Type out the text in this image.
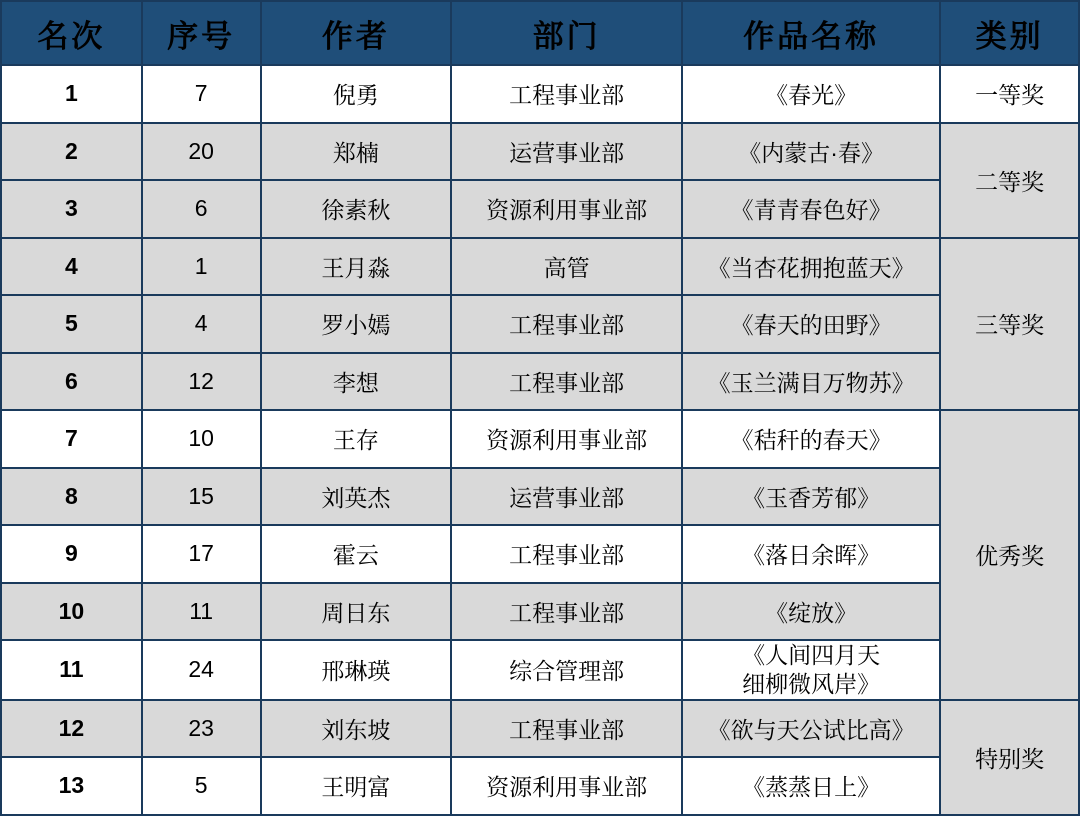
名次	序号	作者	部门	作品名称	类别
1	7	倪勇	工程事业部	《春光》	一等奖
2	20	郑楠	运营事业部	《内蒙古·春》	二等奖
3	6	徐素秋	资源利用事业部	《青青春色好》	
4	1	王月淼	高管	《当杏花拥抱蓝天》	三等奖
5	4	罗小嫣	工程事业部	《春天的田野》	
6	12	李想	工程事业部	《玉兰满目万物苏》	
7	10	王存	资源利用事业部	《秸秆的春天》	优秀奖
8	15	刘英杰	运营事业部	《玉香芳郁》	
9	17	霍云	工程事业部	《落日余晖》	
10	11	周日东	工程事业部	《绽放》	
11	24	邢琳瑛	综合管理部	《人间四月天
细柳微风岸》	

12	23	刘东坡	工程事业部	《欲与天公试比高》	特别奖
13	5	王明富	资源利用事业部	《蒸蒸日上》	
